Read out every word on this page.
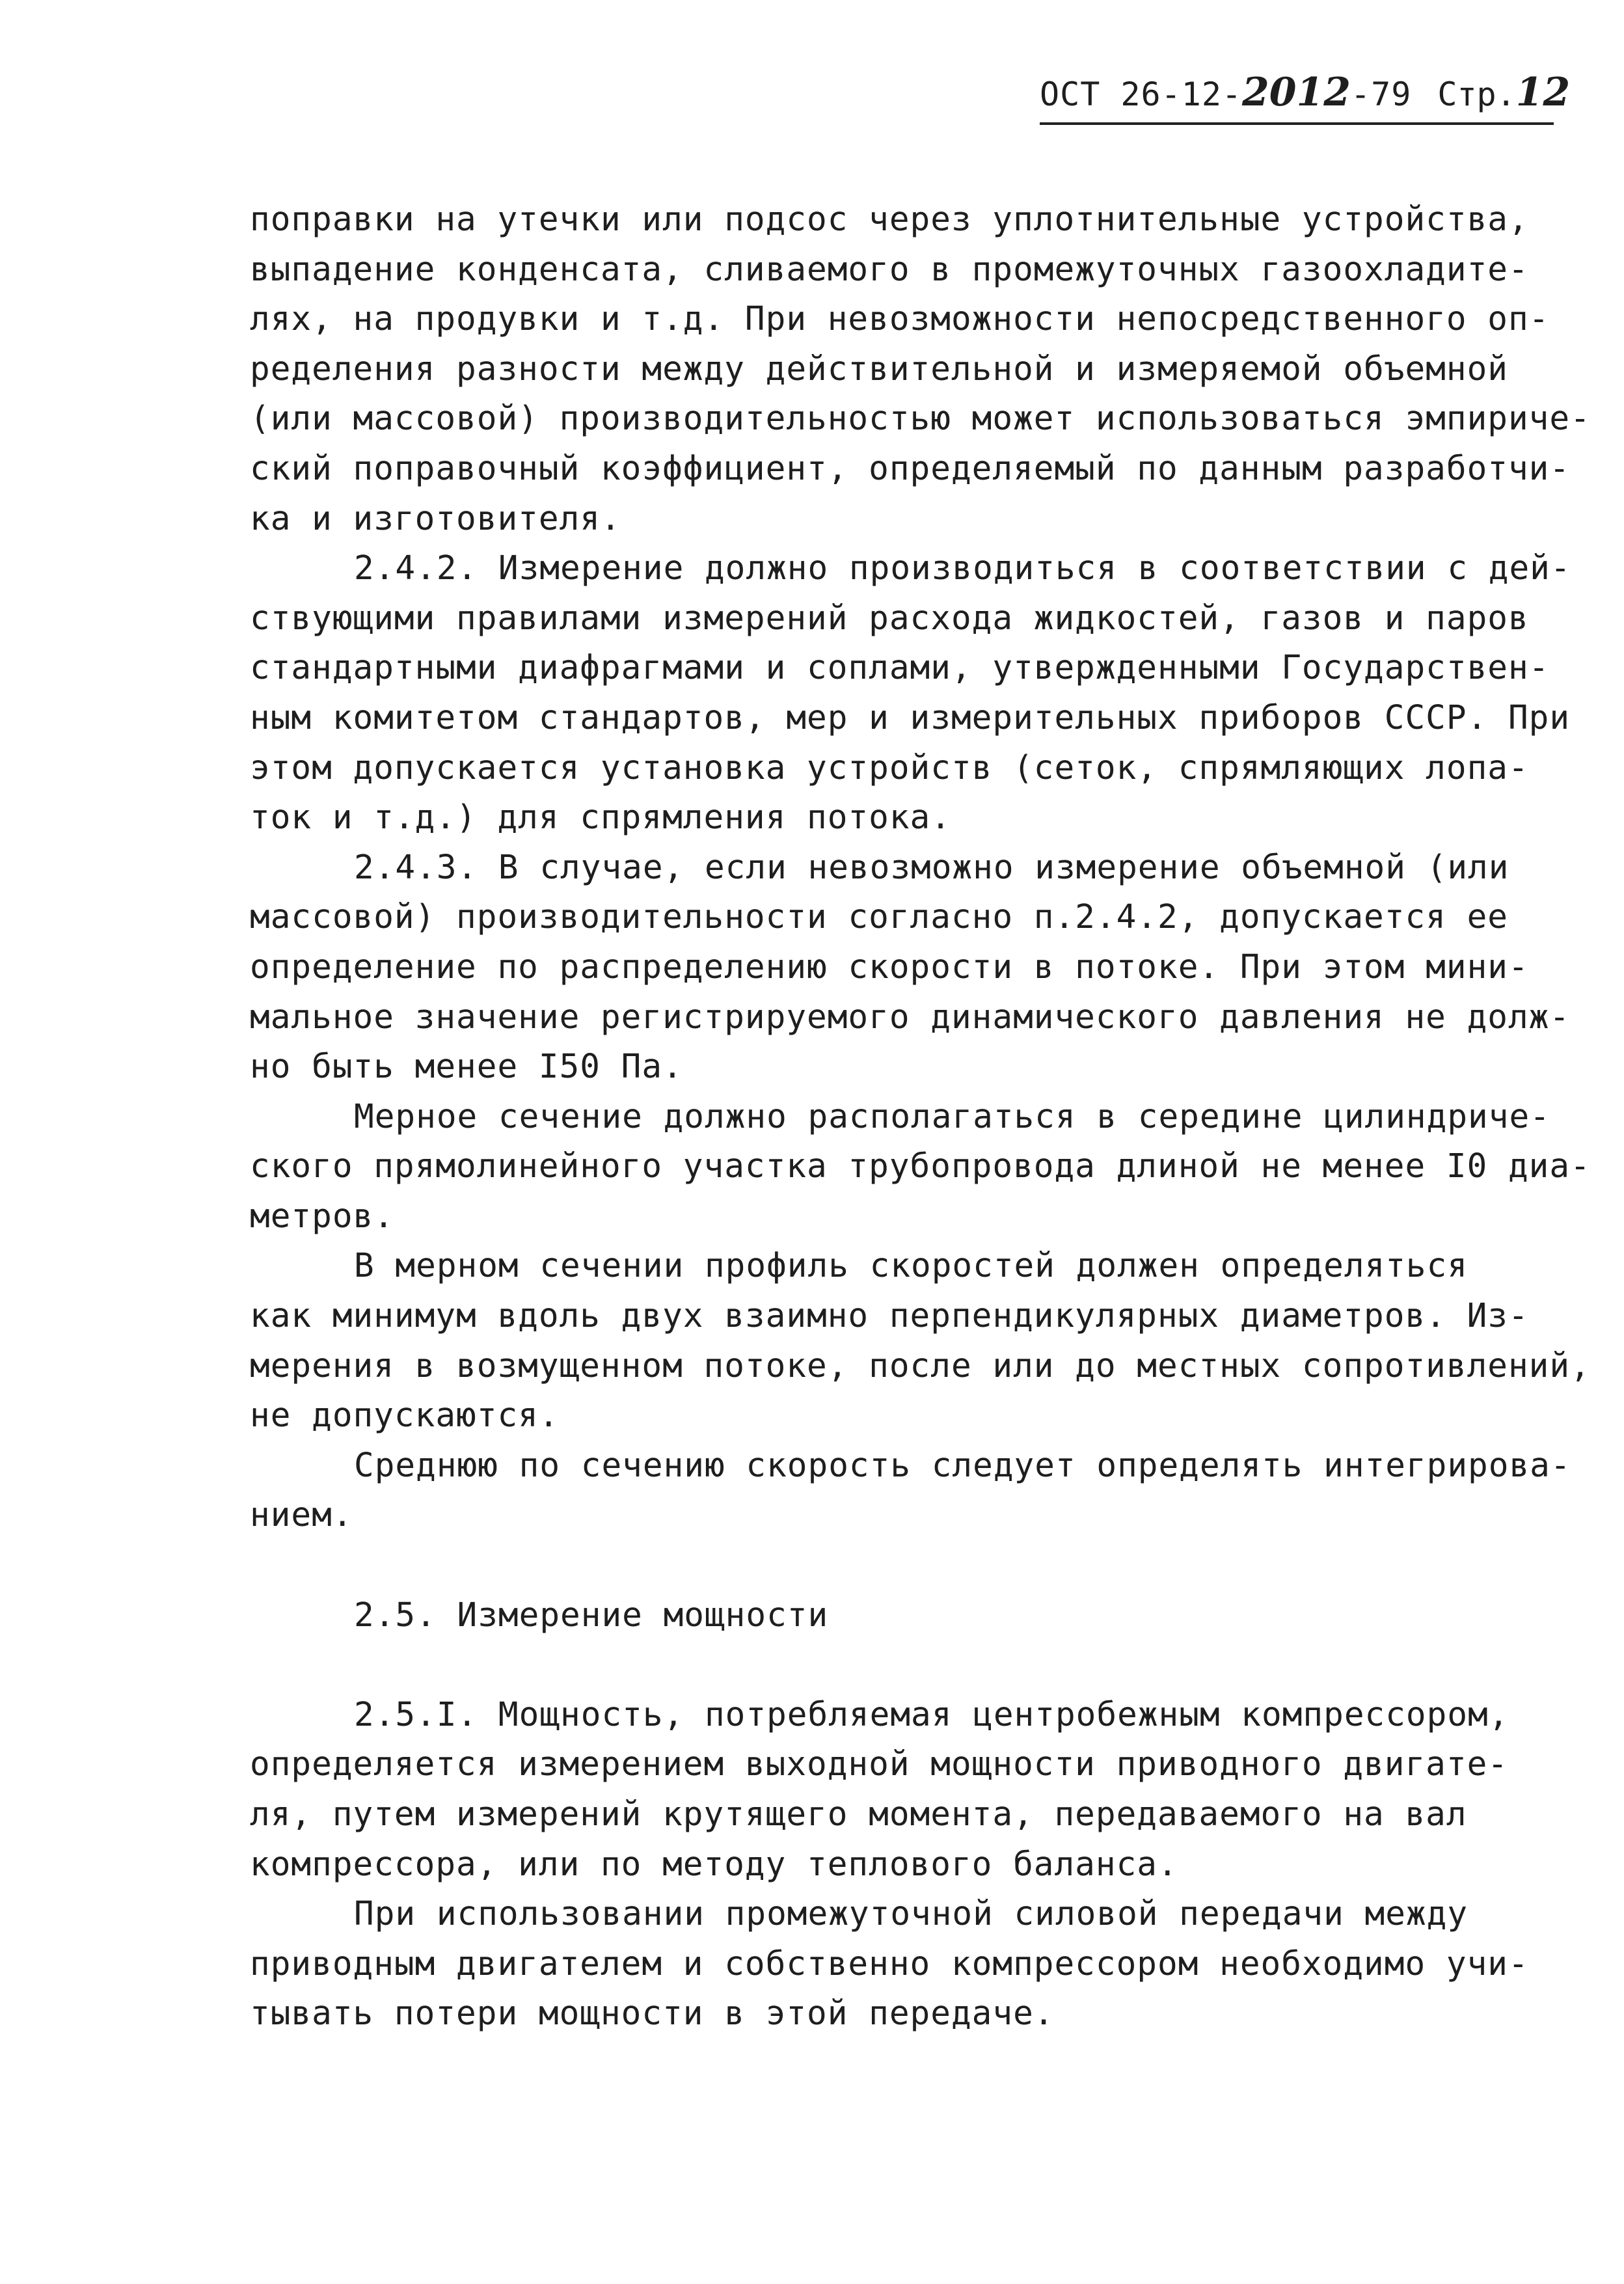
ОСТ 26-12-2012-79 Стр.12
поправки на утечки или подсос через уплотнительные устройства,
выпадение конденсата, сливаемого в промежуточных газоохладите-
лях, на продувки и т.д. При невозможности непосредственного оп-
ределения разности между действительной и измеряемой объемной
(или массовой) производительностью может использоваться эмпириче-
ский поправочный коэффициент, определяемый по данным разработчи-
ка и изготовителя.
2.4.2. Измерение должно производиться в соответствии с дей-
ствующими правилами измерений расхода жидкостей, газов и паров
стандартными диафрагмами и соплами, утвержденными Государствен-
ным комитетом стандартов, мер и измерительных приборов СССР. При
этом допускается установка устройств (сеток, спрямляющих лопа-
ток и т.д.) для спрямления потока.
2.4.3. В случае, если невозможно измерение объемной (или
массовой) производительности согласно п.2.4.2, допускается ее
определение по распределению скорости в потоке. При этом мини-
мальное значение регистрируемого динамического давления не долж-
но быть менее I50 Па.
Мерное сечение должно располагаться в середине цилиндриче-
ского прямолинейного участка трубопровода длиной не менее I0 диа-
метров.
В мерном сечении профиль скоростей должен определяться
как минимум вдоль двух взаимно перпендикулярных диаметров. Из-
мерения в возмущенном потоке, после или до местных сопротивлений,
не допускаются.
Среднюю по сечению скорость следует определять интегрирова-
нием.
2.5. Измерение мощности
2.5.I. Мощность, потребляемая центробежным компрессором,
определяется измерением выходной мощности приводного двигате-
ля, путем измерений крутящего момента, передаваемого на вал
компрессора, или по методу теплового баланса.
При использовании промежуточной силовой передачи между
приводным двигателем и собственно компрессором необходимо учи-
тывать потери мощности в этой передаче.
